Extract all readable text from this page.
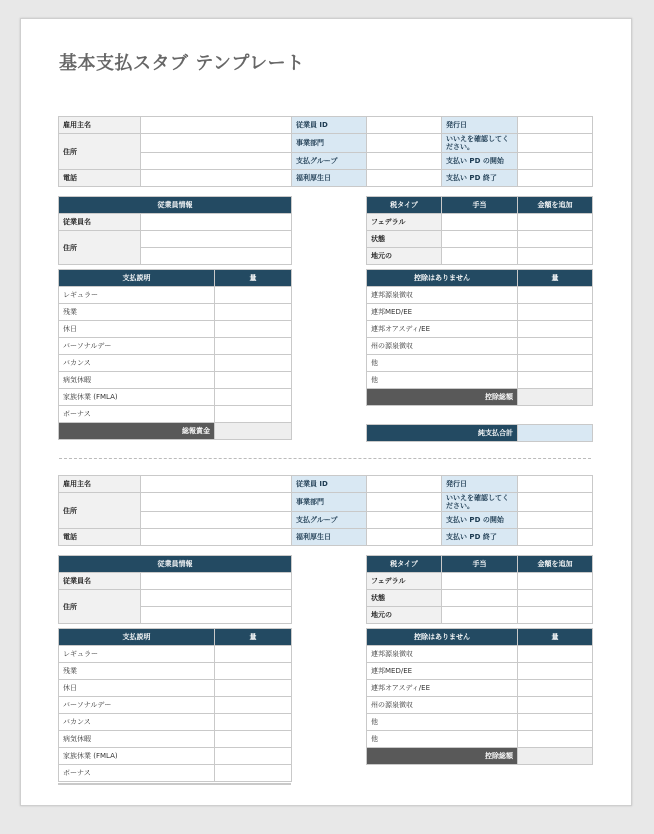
基本支払スタブ テンプレート
雇用主名		従業員 ID		発行日	
住所		事業部門		いいえを確認してください。	
		支払グループ		支払い PD の開始	
電話		福利厚生日		支払い PD 終了	
従業員情報	
従業員名	
住所	

税タイプ	手当	金額を追加
フェデラル		
状態		
地元の		
支払説明	量
レギュラー	
残業	
休日	
バーソナルデー	
バカンス	
病気休暇	
家族休業 (FMLA)	
ボーナス	
総報賞金	
控除はありません	量
連邦源泉徴収	
連邦MED/EE	
連邦オアスディ/EE	
州の源泉徴収	
他	
他	
控除総額	
純支払合計	
雇用主名		従業員 ID		発行日	
住所		事業部門		いいえを確認してください。	
		支払グループ		支払い PD の開始	
電話		福利厚生日		支払い PD 終了	
従業員情報	
従業員名	
住所	

税タイプ	手当	金額を追加
フェデラル		
状態		
地元の		
支払説明	量
レギュラー	
残業	
休日	
バーソナルデー	
バカンス	
病気休暇	
家族休業 (FMLA)	
ボーナス	
控除はありません	量
連邦源泉徴収	
連邦MED/EE	
連邦オアスディ/EE	
州の源泉徴収	
他	
他	
控除総額	
